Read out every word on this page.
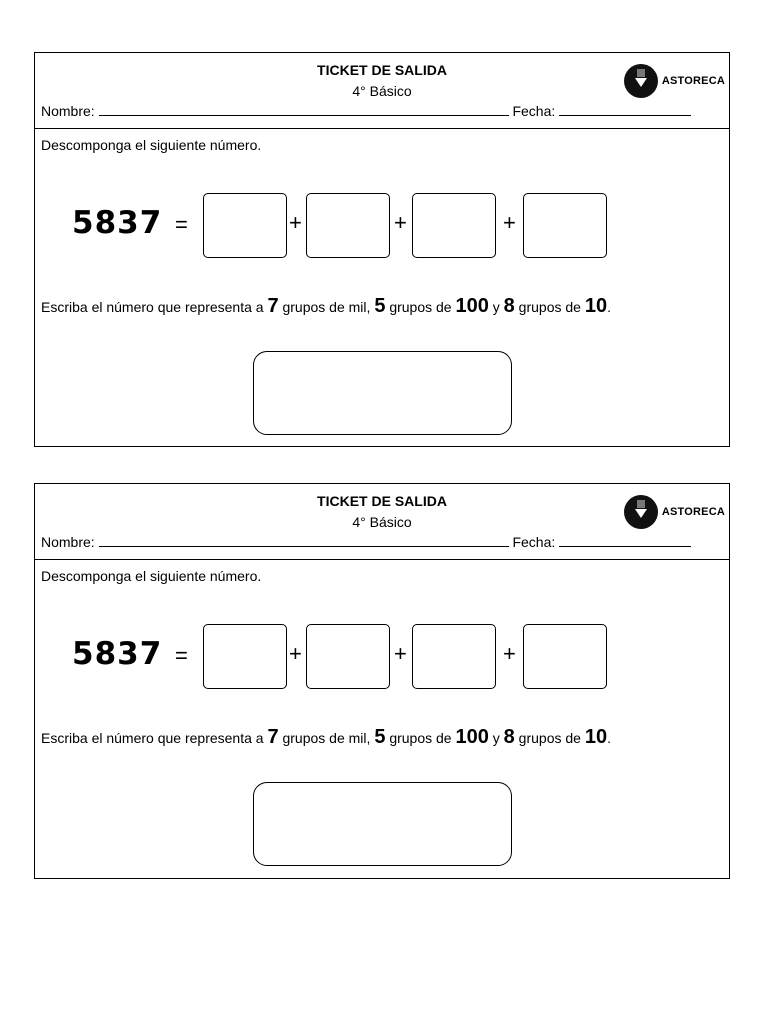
TICKET DE SALIDA
4° Básico
Nombre:	Fecha:
ASTORECA
Descomponga el siguiente número.
5837 =	+	+	+
Escriba el número que representa a 7 grupos de mil, 5 grupos de 100 y 8 grupos de 10.
TICKET DE SALIDA
4° Básico
Nombre:	Fecha:
ASTORECA
Descomponga el siguiente número.
5837 =	+	+	+
Escriba el número que representa a 7 grupos de mil, 5 grupos de 100 y 8 grupos de 10.
